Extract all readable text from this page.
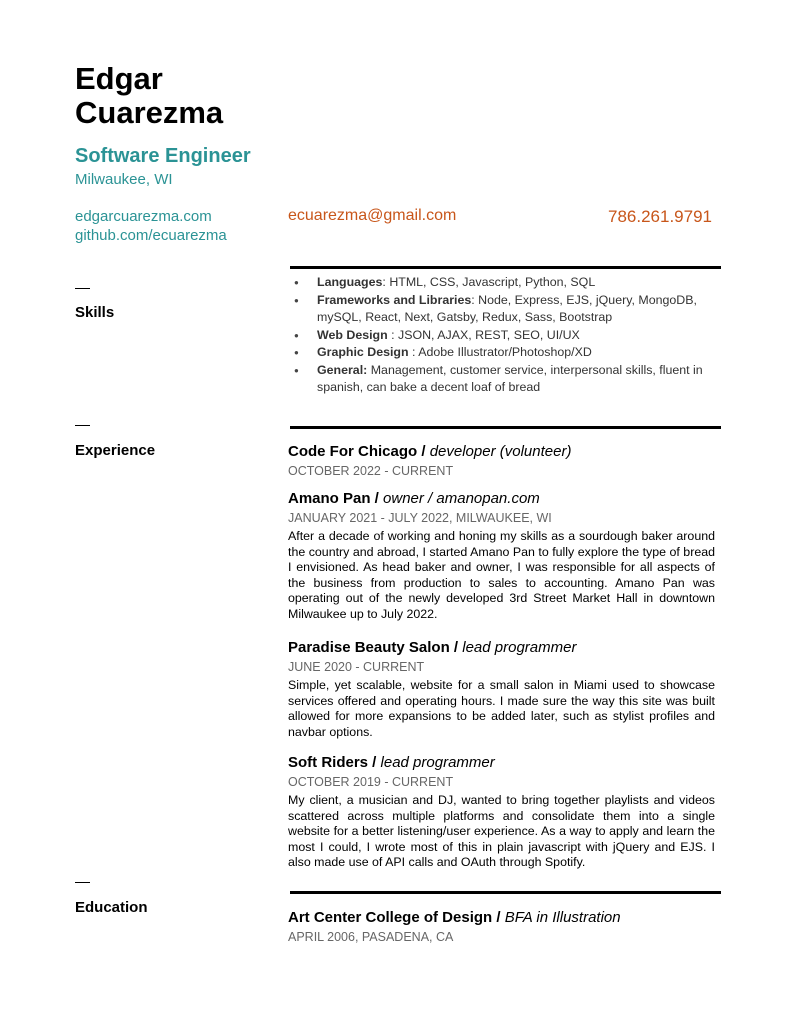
Edgar
Cuarezma
Software Engineer
Milwaukee, WI
edgarcuarezma.com
github.com/ecuarezma
ecuarezma@gmail.com	786.261.9791
Skills
● Languages: HTML, CSS, Javascript, Python, SQL
● Frameworks and Libraries: Node, Express, EJS, jQuery, MongoDB, mySQL, React, Next, Gatsby, Redux, Sass, Bootstrap
● Web Design : JSON, AJAX, REST, SEO, UI/UX
● Graphic Design : Adobe Illustrator/Photoshop/XD
● General: Management, customer service, interpersonal skills, fluent in spanish, can bake a decent loaf of bread
Experience	Code For Chicago / developer (volunteer)
OCTOBER 2022 - CURRENT
Amano Pan / owner / amanopan.com
JANUARY 2021 - JULY 2022, MILWAUKEE, WI
After a decade of working and honing my skills as a sourdough baker around the country and abroad, I started Amano Pan to fully explore the type of bread I envisioned. As head baker and owner, I was responsible for all aspects of the business from production to sales to accounting. Amano Pan was operating out of the newly developed 3rd Street Market Hall in downtown Milwaukee up to July 2022.
Paradise Beauty Salon / lead programmer
JUNE 2020 - CURRENT
Simple, yet scalable, website for a small salon in Miami used to showcase services offered and operating hours. I made sure the way this site was built allowed for more expansions to be added later, such as stylist profiles and navbar options.
Soft Riders / lead programmer
OCTOBER 2019 - CURRENT
My client, a musician and DJ, wanted to bring together playlists and videos scattered across multiple platforms and consolidate them into a single website for a better listening/user experience. As a way to apply and learn the most I could, I wrote most of this in plain javascript with jQuery and EJS. I also made use of API calls and OAuth through Spotify.
Education
Art Center College of Design / BFA in Illustration
APRIL 2006, PASADENA, CA
